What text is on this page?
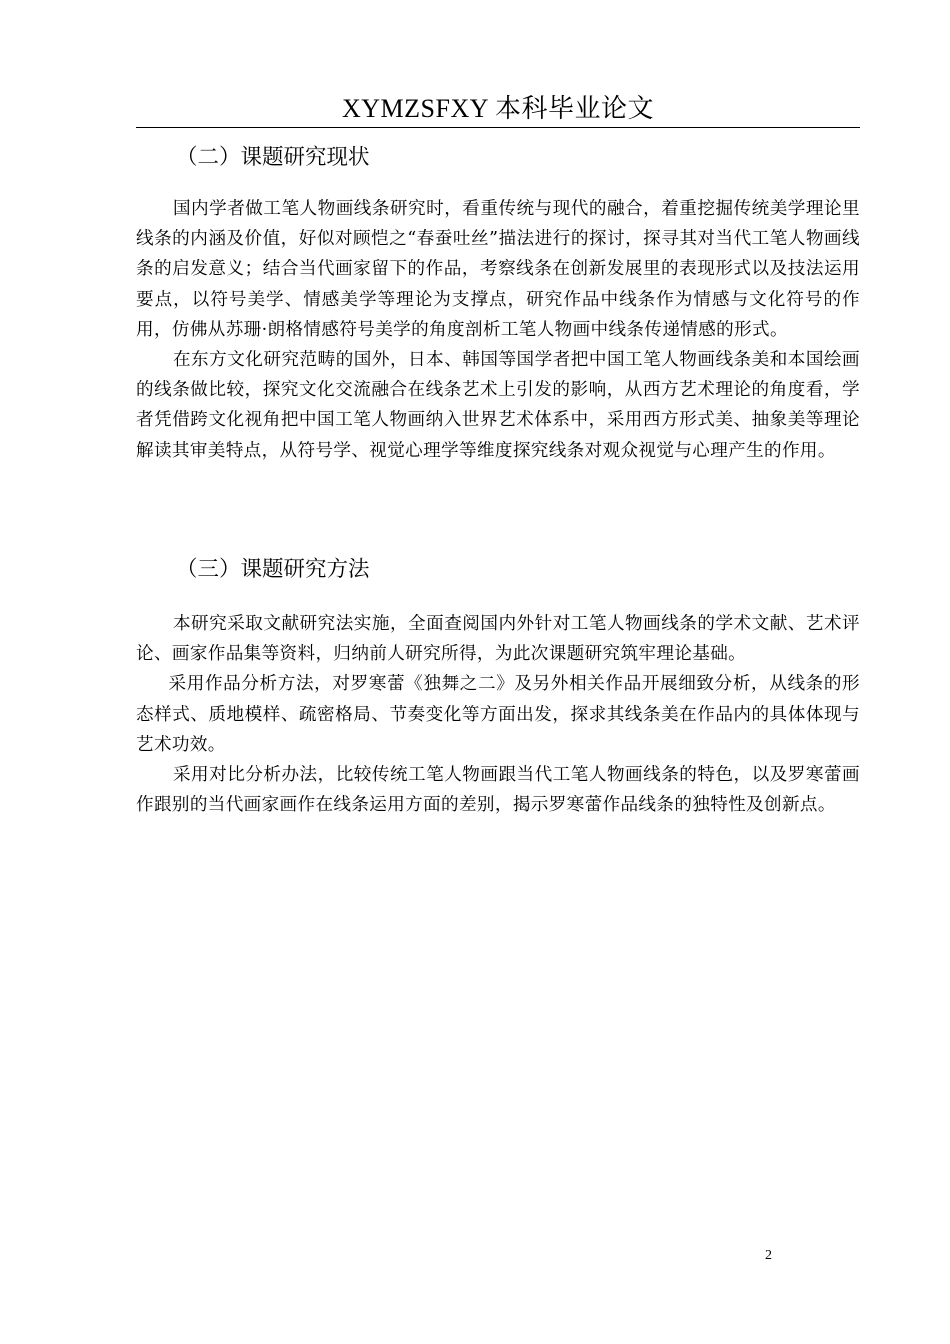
XYMZSFXY 本科毕业论文
（二）课题研究现状

国内学者做工笔人物画线条研究时，看重传统与现代的融合，着重挖掘传统美学理论里线条的内涵及价值，好似对顾恺之“春蚕吐丝”描法进行的探讨，探寻其对当代工笔人物画线条的启发意义；结合当代画家留下的作品，考察线条在创新发展里的表现形式以及技法运用要点，以符号美学、情感美学等理论为支撑点，研究作品中线条作为情感与文化符号的作用，仿佛从苏珊·朗格情感符号美学的角度剖析工笔人物画中线条传递情感的形式。

在东方文化研究范畴的国外，日本、韩国等国学者把中国工笔人物画线条美和本国绘画的线条做比较，探究文化交流融合在线条艺术上引发的影响，从西方艺术理论的角度看，学者凭借跨文化视角把中国工笔人物画纳入世界艺术体系中，采用西方形式美、抽象美等理论解读其审美特点，从符号学、视觉心理学等维度探究线条对观众视觉与心理产生的作用。

（三）课题研究方法

本研究采取文献研究法实施，全面查阅国内外针对工笔人物画线条的学术文献、艺术评论、画家作品集等资料，归纳前人研究所得，为此次课题研究筑牢理论基础。

采用作品分析方法，对罗寒蕾《独舞之二》及另外相关作品开展细致分析，从线条的形态样式、质地模样、疏密格局、节奏变化等方面出发，探求其线条美在作品内的具体体现与艺术功效。

采用对比分析办法，比较传统工笔人物画跟当代工笔人物画线条的特色，以及罗寒蕾画作跟别的当代画家画作在线条运用方面的差别，揭示罗寒蕾作品线条的独特性及创新点。

2
